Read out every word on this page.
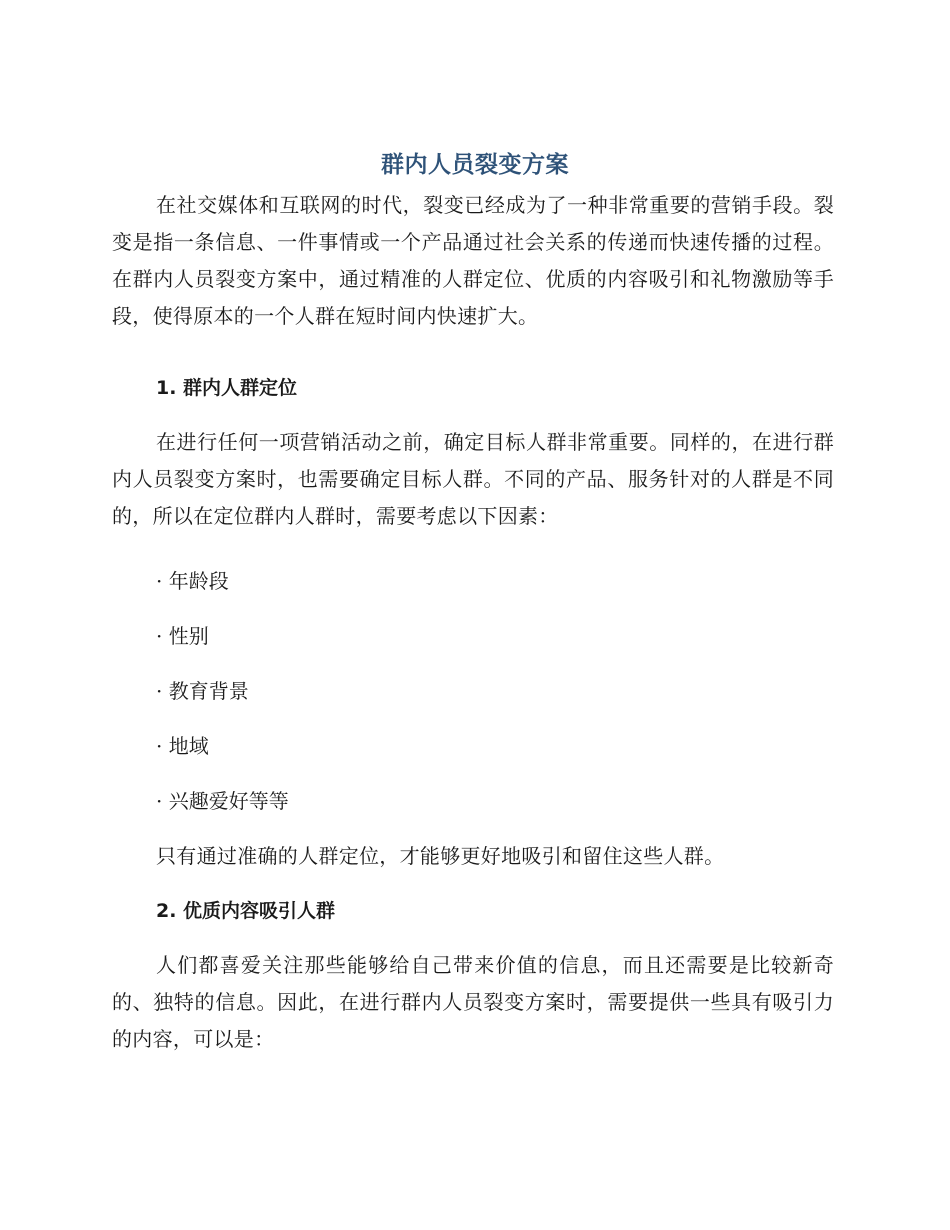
群内人员裂变方案
在社交媒体和互联网的时代，裂变已经成为了一种非常重要的营销手段。裂变是指一条信息、一件事情或一个产品通过社会关系的传递而快速传播的过程。在群内人员裂变方案中，通过精准的人群定位、优质的内容吸引和礼物激励等手段，使得原本的一个人群在短时间内快速扩大。
1. 群内人群定位
在进行任何一项营销活动之前，确定目标人群非常重要。同样的，在进行群内人员裂变方案时，也需要确定目标人群。不同的产品、服务针对的人群是不同的，所以在定位群内人群时，需要考虑以下因素：
· 年龄段
· 性别
· 教育背景
· 地域
· 兴趣爱好等等
只有通过准确的人群定位，才能够更好地吸引和留住这些人群。
2. 优质内容吸引人群
人们都喜爱关注那些能够给自己带来价值的信息，而且还需要是比较新奇的、独特的信息。因此，在进行群内人员裂变方案时，需要提供一些具有吸引力的内容，可以是：
